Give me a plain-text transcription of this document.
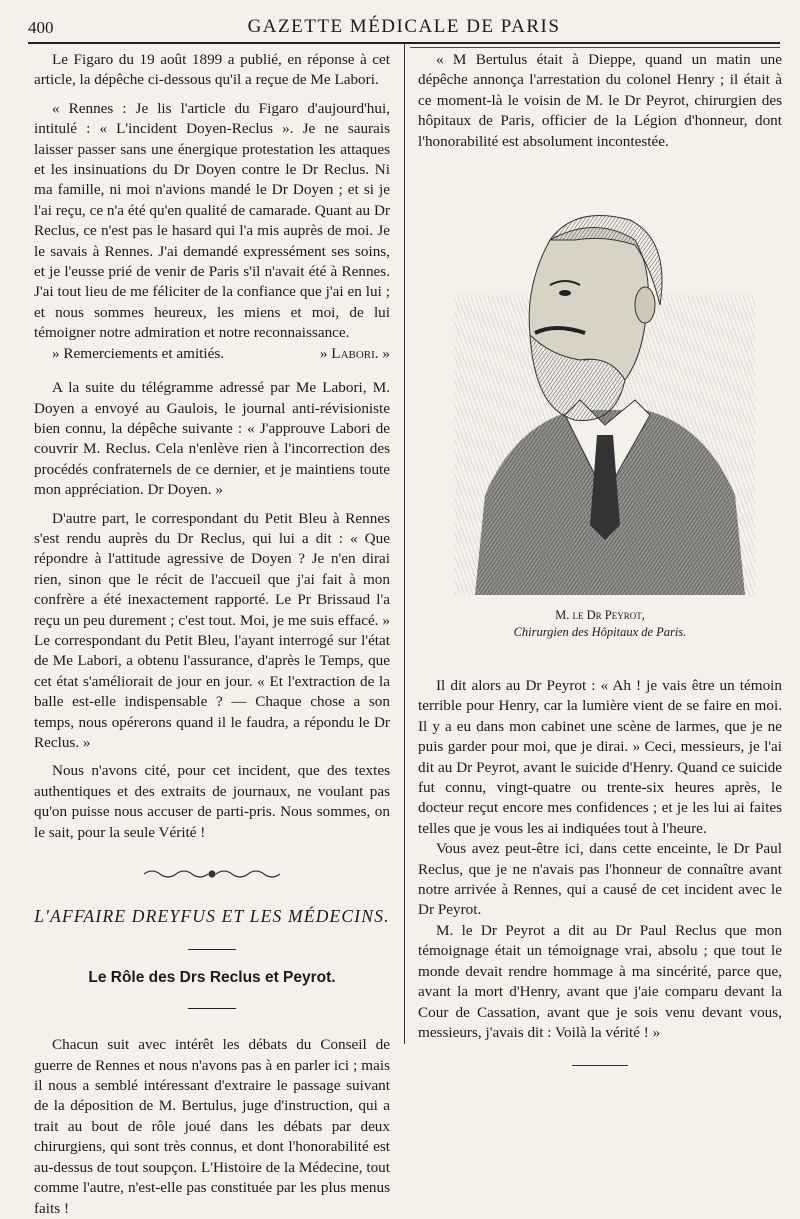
400	GAZETTE MÉDICALE DE PARIS

Le Figaro du 19 août 1899 a publié, en réponse à cet article, la dépêche ci-dessous qu'il a reçue de Me Labori.

« Rennes : Je lis l'article du Figaro d'aujourd'hui, intitulé : « L'incident Doyen-Reclus ». Je ne saurais laisser passer sans une énergique protestation les attaques et les insinuations du Dr Doyen contre le Dr Reclus. Ni ma famille, ni moi n'avions mandé le Dr Doyen ; et si je l'ai reçu, ce n'a été qu'en qualité de camarade. Quant au Dr Reclus, ce n'est pas le hasard qui l'a mis auprès de moi. Je le savais à Rennes. J'ai demandé expressément ses soins, et je l'eusse prié de venir de Paris s'il n'avait été à Rennes. J'ai tout lieu de me féliciter de la confiance que j'ai en lui ; et nous sommes heureux, les miens et moi, de lui témoigner notre admiration et notre reconnaissance.

» Remerciements et amitiés.	» Labori. »

A la suite du télégramme adressé par Me Labori, M. Doyen a envoyé au Gaulois, le journal anti-révisioniste bien connu, la dépêche suivante : « J'approuve Labori de couvrir M. Reclus. Cela n'enlève rien à l'incorrection des procédés confraternels de ce dernier, et je maintiens toute mon appréciation. Dr Doyen. »

D'autre part, le correspondant du Petit Bleu à Rennes s'est rendu auprès du Dr Reclus, qui lui a dit : « Que répondre à l'attitude agressive de Doyen ? Je n'en dirai rien, sinon que le récit de l'accueil que j'ai fait à mon confrère a été inexactement rapporté. Le Pr Brissaud l'a reçu un peu durement ; c'est tout. Moi, je me suis effacé. » Le correspondant du Petit Bleu, l'ayant interrogé sur l'état de Me Labori, a obtenu l'assurance, d'après le Temps, que cet état s'améliorait de jour en jour. « Et l'extraction de la balle est-elle indispensable ? — Chaque chose a son temps, nous opérerons quand il le faudra, a répondu le Dr Reclus. »

Nous n'avons cité, pour cet incident, que des textes authentiques et des extraits de journaux, ne voulant pas qu'on puisse nous accuser de parti-pris. Nous sommes, on le sait, pour la seule Vérité !

L'AFFAIRE DREYFUS ET LES MÉDECINS.
Le Rôle des Drs Reclus et Peyrot.

Chacun suit avec intérêt les débats du Conseil de guerre de Rennes et nous n'avons pas à en parler ici ; mais il nous a semblé intéressant d'extraire le passage suivant de la déposition de M. Bertulus, juge d'instruction, qui a trait au bout de rôle joué dans les débats par deux chirurgiens, qui sont très connus, et dont l'honorabilité est au-dessus de tout soupçon. L'Histoire de la Médecine, tout comme l'autre, n'est-elle pas constituée par les plus menus faits !

« M Bertulus était à Dieppe, quand un matin une dépêche annonça l'arrestation du colonel Henry ; il était à ce moment-là le voisin de M. le Dr Peyrot, chirurgien des hôpitaux de Paris, officier de la Légion d'honneur, dont l'honorabilité est absolument incontestée.

M. le Dr Peyrot,
Chirurgien des Hôpitaux de Paris.

Il dit alors au Dr Peyrot : « Ah ! je vais être un témoin terrible pour Henry, car la lumière vient de se faire en moi. Il y a eu dans mon cabinet une scène de larmes, que je ne puis garder pour moi, que je dirai. » Ceci, messieurs, je l'ai dit au Dr Peyrot, avant le suicide d'Henry. Quand ce suicide fut connu, vingt-quatre ou trente-six heures après, le docteur reçut encore mes confidences ; et je les lui ai faites telles que je vous les ai indiquées tout à l'heure.

Vous avez peut-être ici, dans cette enceinte, le Dr Paul Reclus, que je ne n'avais pas l'honneur de connaître avant notre arrivée à Rennes, qui a causé de cet incident avec le Dr Peyrot.

M. le Dr Peyrot a dit au Dr Paul Reclus que mon témoignage était un témoignage vrai, absolu ; que tout le monde devait rendre hommage à ma sincérité, parce que, avant la mort d'Henry, avant que j'aie comparu devant la Cour de Cassation, avant que je sois venu devant vous, messieurs, j'avais dit : Voilà la vérité ! »
